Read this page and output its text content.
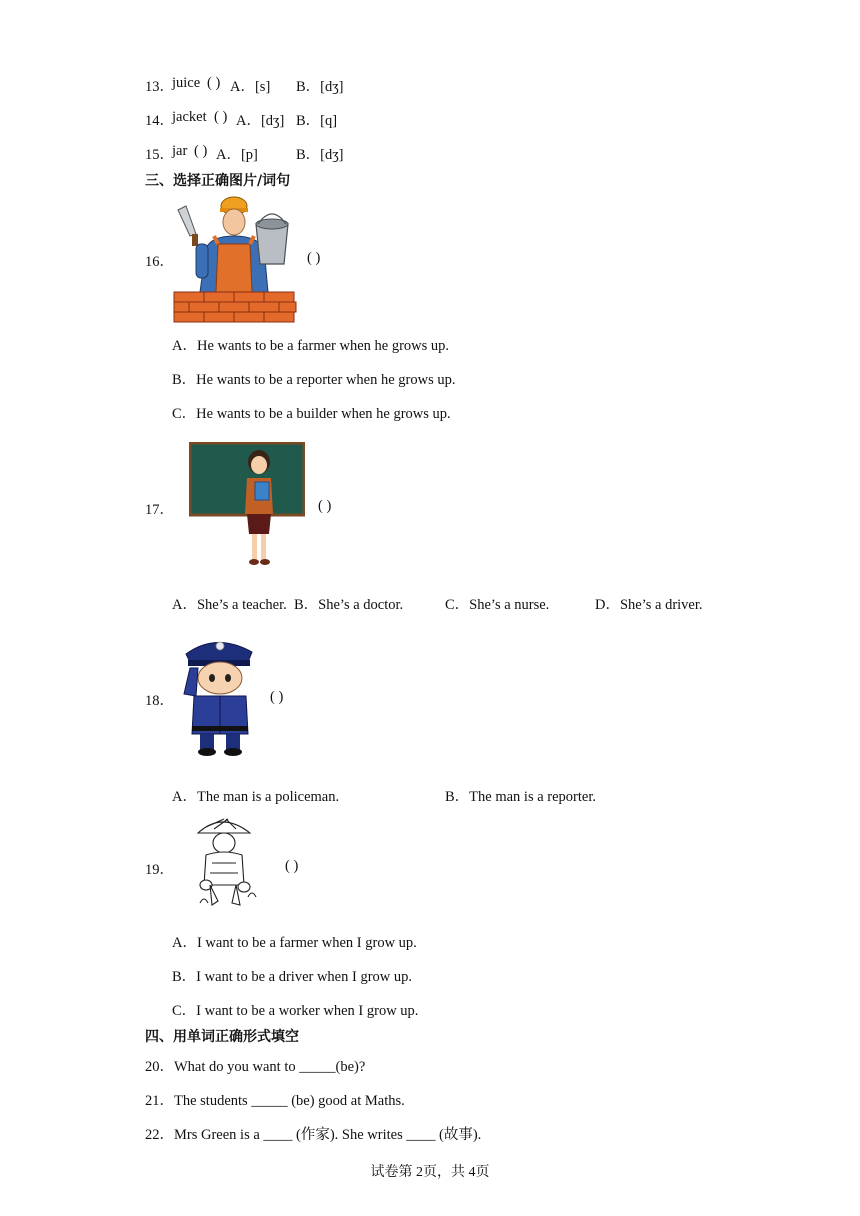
13．
juice ( ) A．[s] B．[dʒ]
14．
jacket ( ) A．[dʒ] B．[q]
15．
jar ( ) A．[p]	B．[dʒ]
三、选择正确图片/词句
16．	( )
A．He wants to be a farmer when he grows up.
B．He wants to be a reporter when he grows up.
C．He wants to be a builder when he grows up.
17．	( )
A．She’s a teacher. B．She’s a doctor.	C．She’s a nurse.	D．She’s a driver.
18．	( )
A．The man is a policeman.	B．The man is a reporter.
19．	( )
A．I want to be a farmer when I grow up.
B．I want to be a driver when I grow up.
C．I want to be a worker when I grow up.
四、用单词正确形式填空
20．What do you want to _____(be)?
21．The students _____ (be) good at Maths.
22．Mrs Green is a ____ (作家). She writes ____ (故事).
试卷第 2页，共 4页
